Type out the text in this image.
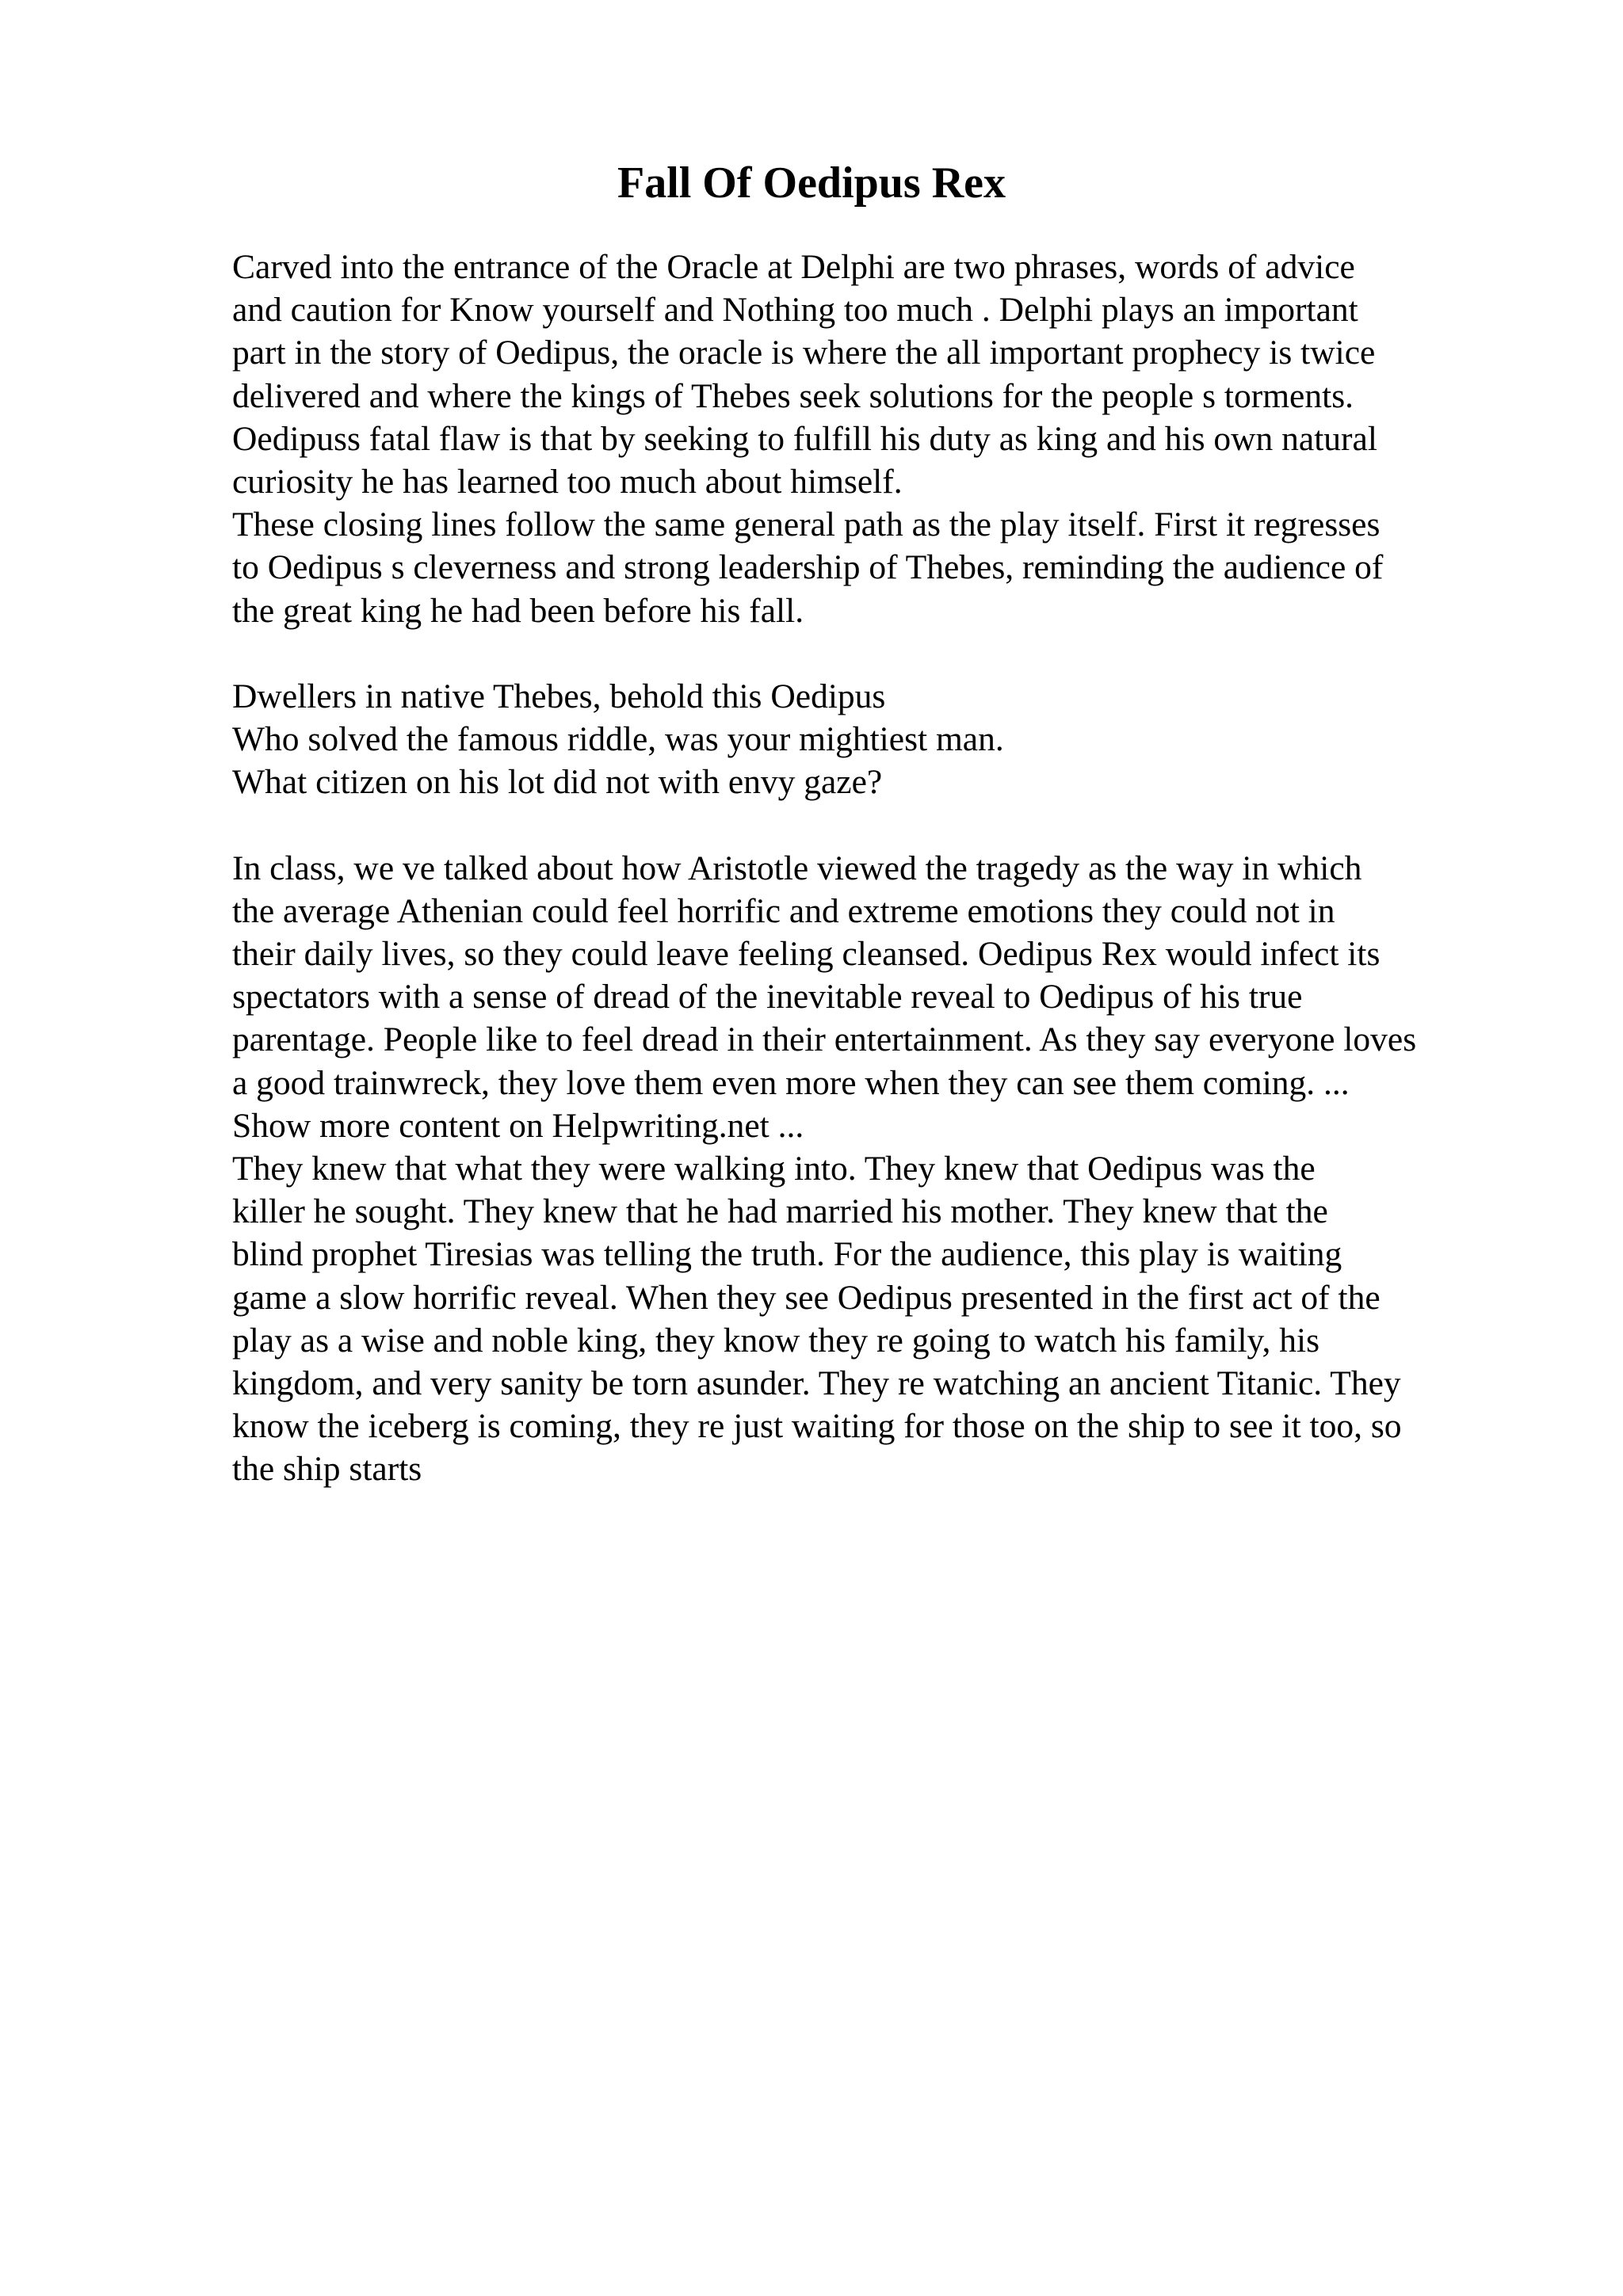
Fall Of Oedipus Rex
Carved into the entrance of the Oracle at Delphi are two phrases, words of advice
and caution for Know yourself and Nothing too much . Delphi plays an important
part in the story of Oedipus, the oracle is where the all important prophecy is twice
delivered and where the kings of Thebes seek solutions for the people s torments.
Oedipuss fatal flaw is that by seeking to fulfill his duty as king and his own natural
curiosity he has learned too much about himself.
These closing lines follow the same general path as the play itself. First it regresses
to Oedipus s cleverness and strong leadership of Thebes, reminding the audience of
the great king he had been before his fall.
Dwellers in native Thebes, behold this Oedipus
Who solved the famous riddle, was your mightiest man.
What citizen on his lot did not with envy gaze?
In class, we ve talked about how Aristotle viewed the tragedy as the way in which
the average Athenian could feel horrific and extreme emotions they could not in
their daily lives, so they could leave feeling cleansed. Oedipus Rex would infect its
spectators with a sense of dread of the inevitable reveal to Oedipus of his true
parentage. People like to feel dread in their entertainment. As they say everyone loves
a good trainwreck, they love them even more when they can see them coming. ...
Show more content on Helpwriting.net ...
They knew that what they were walking into. They knew that Oedipus was the
killer he sought. They knew that he had married his mother. They knew that the
blind prophet Tiresias was telling the truth. For the audience, this play is waiting
game a slow horrific reveal. When they see Oedipus presented in the first act of the
play as a wise and noble king, they know they re going to watch his family, his
kingdom, and very sanity be torn asunder. They re watching an ancient Titanic. They
know the iceberg is coming, they re just waiting for those on the ship to see it too, so
the ship starts
